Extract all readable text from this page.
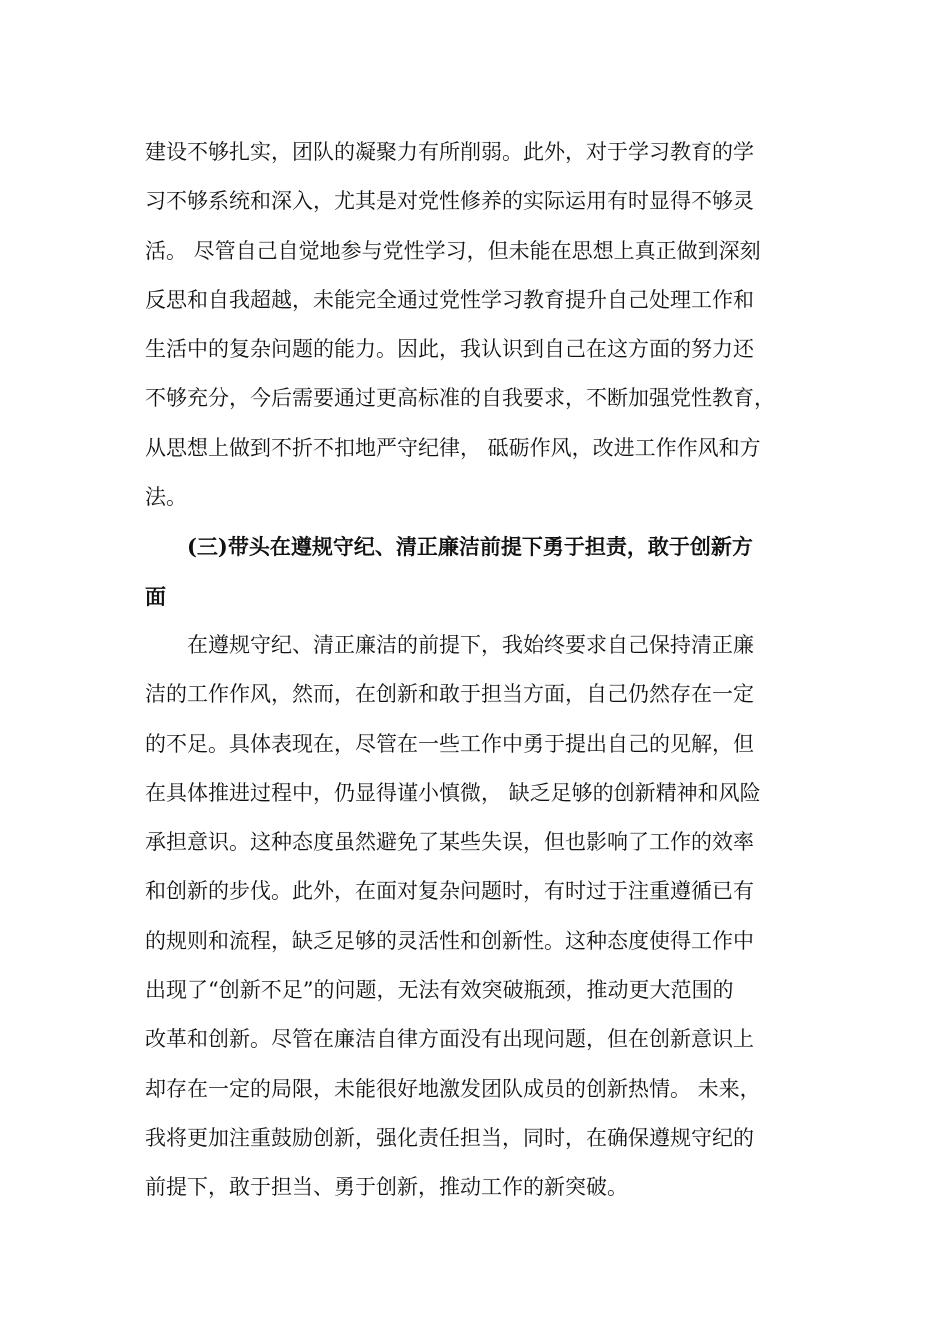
建设不够扎实，团队的凝聚力有所削弱。此外，对于学习教育的学
习不够系统和深入，尤其是对党性修养的实际运用有时显得不够灵
活。 尽管自己自觉地参与党性学习，但未能在思想上真正做到深刻
反思和自我超越，未能完全通过党性学习教育提升自己处理工作和
生活中的复杂问题的能力。因此，我认识到自己在这方面的努力还
不够充分，今后需要通过更高标准的自我要求，不断加强党性教育，
从思想上做到不折不扣地严守纪律， 砥砺作风，改进工作作风和方
法。
(三)带头在遵规守纪、清正廉洁前提下勇于担责，敢于创新方
面
在遵规守纪、清正廉洁的前提下，我始终要求自己保持清正廉
洁的工作作风，然而，在创新和敢于担当方面，自己仍然存在一定
的不足。具体表现在，尽管在一些工作中勇于提出自己的见解，但
在具体推进过程中，仍显得谨小慎微， 缺乏足够的创新精神和风险
承担意识。这种态度虽然避免了某些失误，但也影响了工作的效率
和创新的步伐。此外，在面对复杂问题时，有时过于注重遵循已有
的规则和流程，缺乏足够的灵活性和创新性。这种态度使得工作中
出现了“创新不足”的问题，无法有效突破瓶颈，推动更大范围的
改革和创新。尽管在廉洁自律方面没有出现问题，但在创新意识上
却存在一定的局限，未能很好地激发团队成员的创新热情。 未来，
我将更加注重鼓励创新，强化责任担当，同时，在确保遵规守纪的
前提下，敢于担当、勇于创新，推动工作的新突破。
